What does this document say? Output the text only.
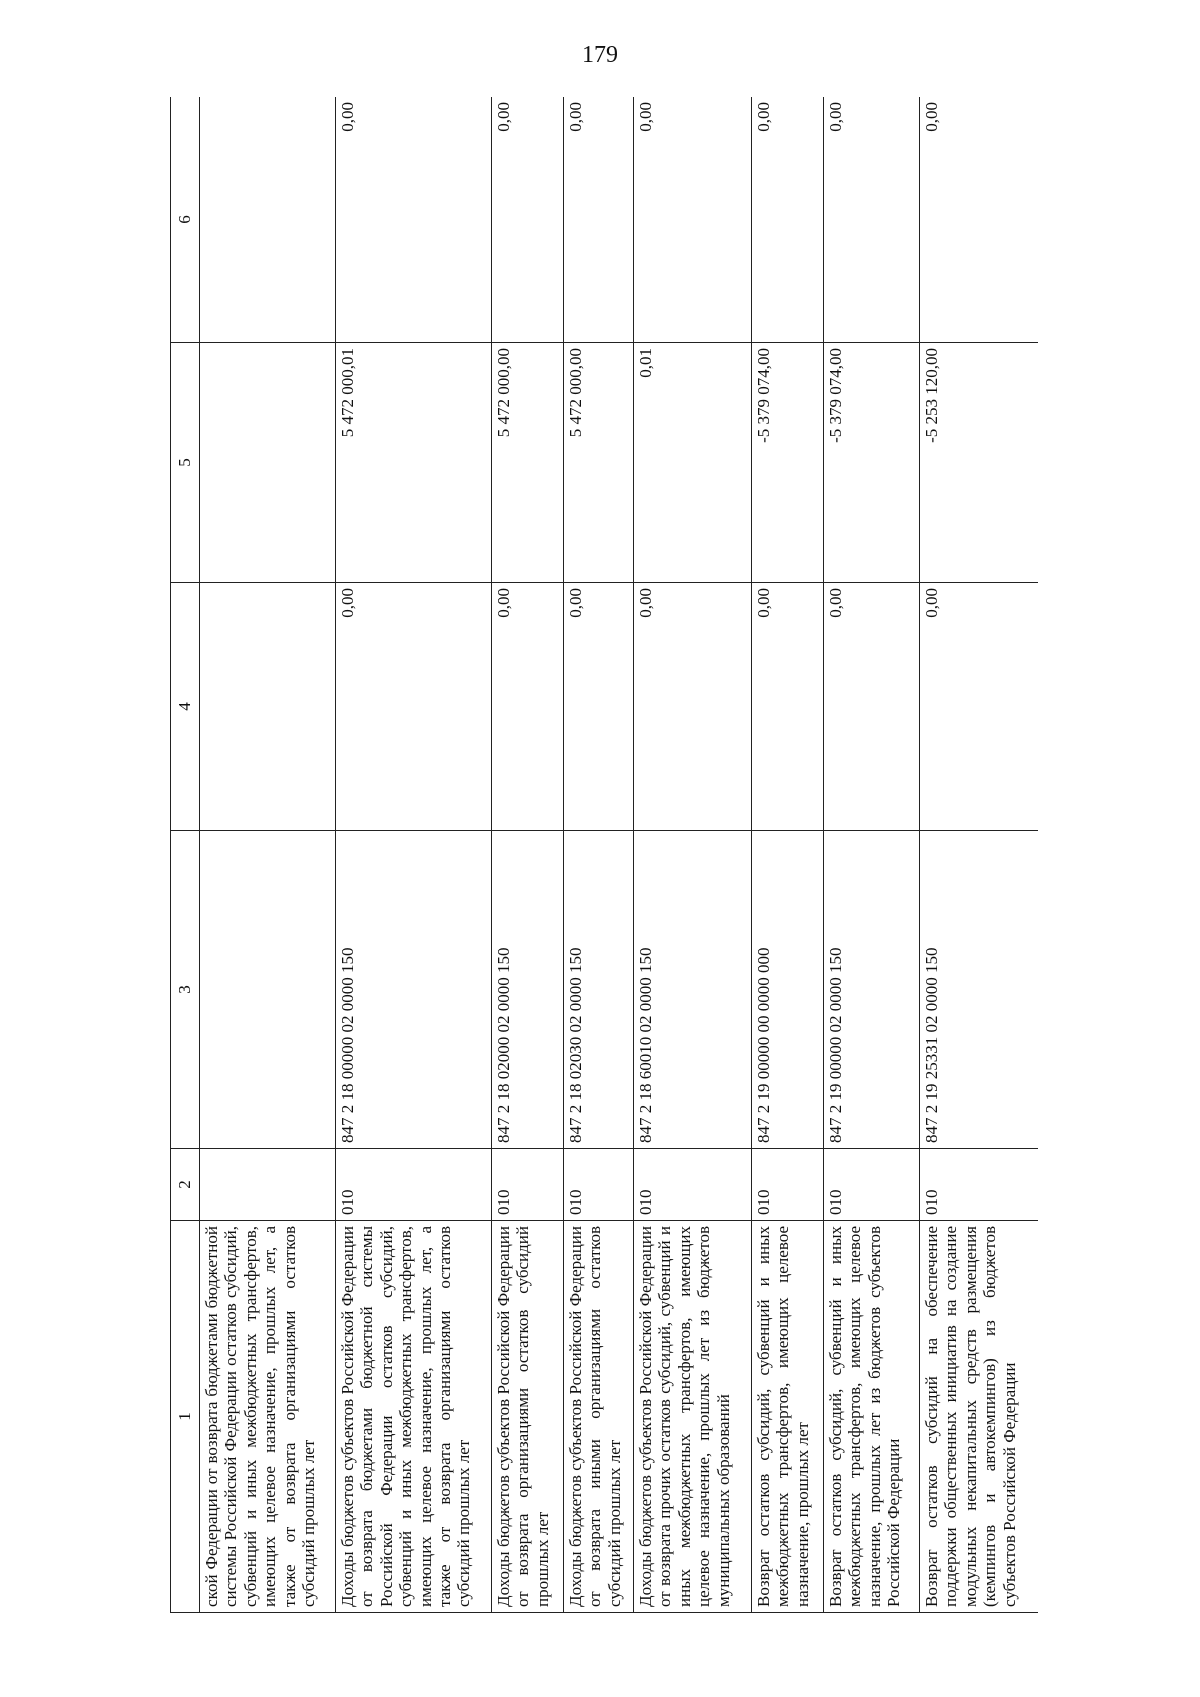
179
1	2	3	4	5	6
ской Федерации от возврата бюджетами бюджетной системы Российской Федерации остатков субсидий, субвенций и иных межбюджетных трансфертов, имеющих целевое назначение, прошлых лет, а также от возврата организациями остатков субсидий прошлых лет					
Доходы бюджетов субъектов Российской Федерации от возврата бюджетами бюджетной системы Российской Федерации остатков субсидий, субвенций и иных межбюджетных трансфертов, имеющих целевое назначение, прошлых лет, а также от возврата организациями остатков субсидий прошлых лет	010	847 2 18 00000 02 0000 150	0,00	5 472 000,01	0,00
Доходы бюджетов субъектов Российской Федерации от возврата организациями остатков субсидий прошлых лет	010	847 2 18 02000 02 0000 150	0,00	5 472 000,00	0,00
Доходы бюджетов субъектов Российской Федерации от возврата иными организациями остатков субсидий прошлых лет	010	847 2 18 02030 02 0000 150	0,00	5 472 000,00	0,00
Доходы бюджетов субъектов Российской Федерации от возврата прочих остатков субсидий, субвенций и иных межбюджетных трансфертов, имеющих целевое назначение, прошлых лет из бюджетов муниципальных образований	010	847 2 18 60010 02 0000 150	0,00	0,01	0,00
Возврат остатков субсидий, субвенций и иных межбюджетных трансфертов, имеющих целевое назначение, прошлых лет	010	847 2 19 00000 00 0000 000	0,00	-5 379 074,00	0,00
Возврат остатков субсидий, субвенций и иных межбюджетных трансфертов, имеющих целевое назначение, прошлых лет из бюджетов субъектов Российской Федерации	010	847 2 19 00000 02 0000 150	0,00	-5 379 074,00	0,00
Возврат остатков субсидий на обеспечение поддержки общественных инициатив на создание модульных некапитальных средств размещения (кемпингов и автокемпингов) из бюджетов субъектов Российской Федерации	010	847 2 19 25331 02 0000 150	0,00	-5 253 120,00	0,00
